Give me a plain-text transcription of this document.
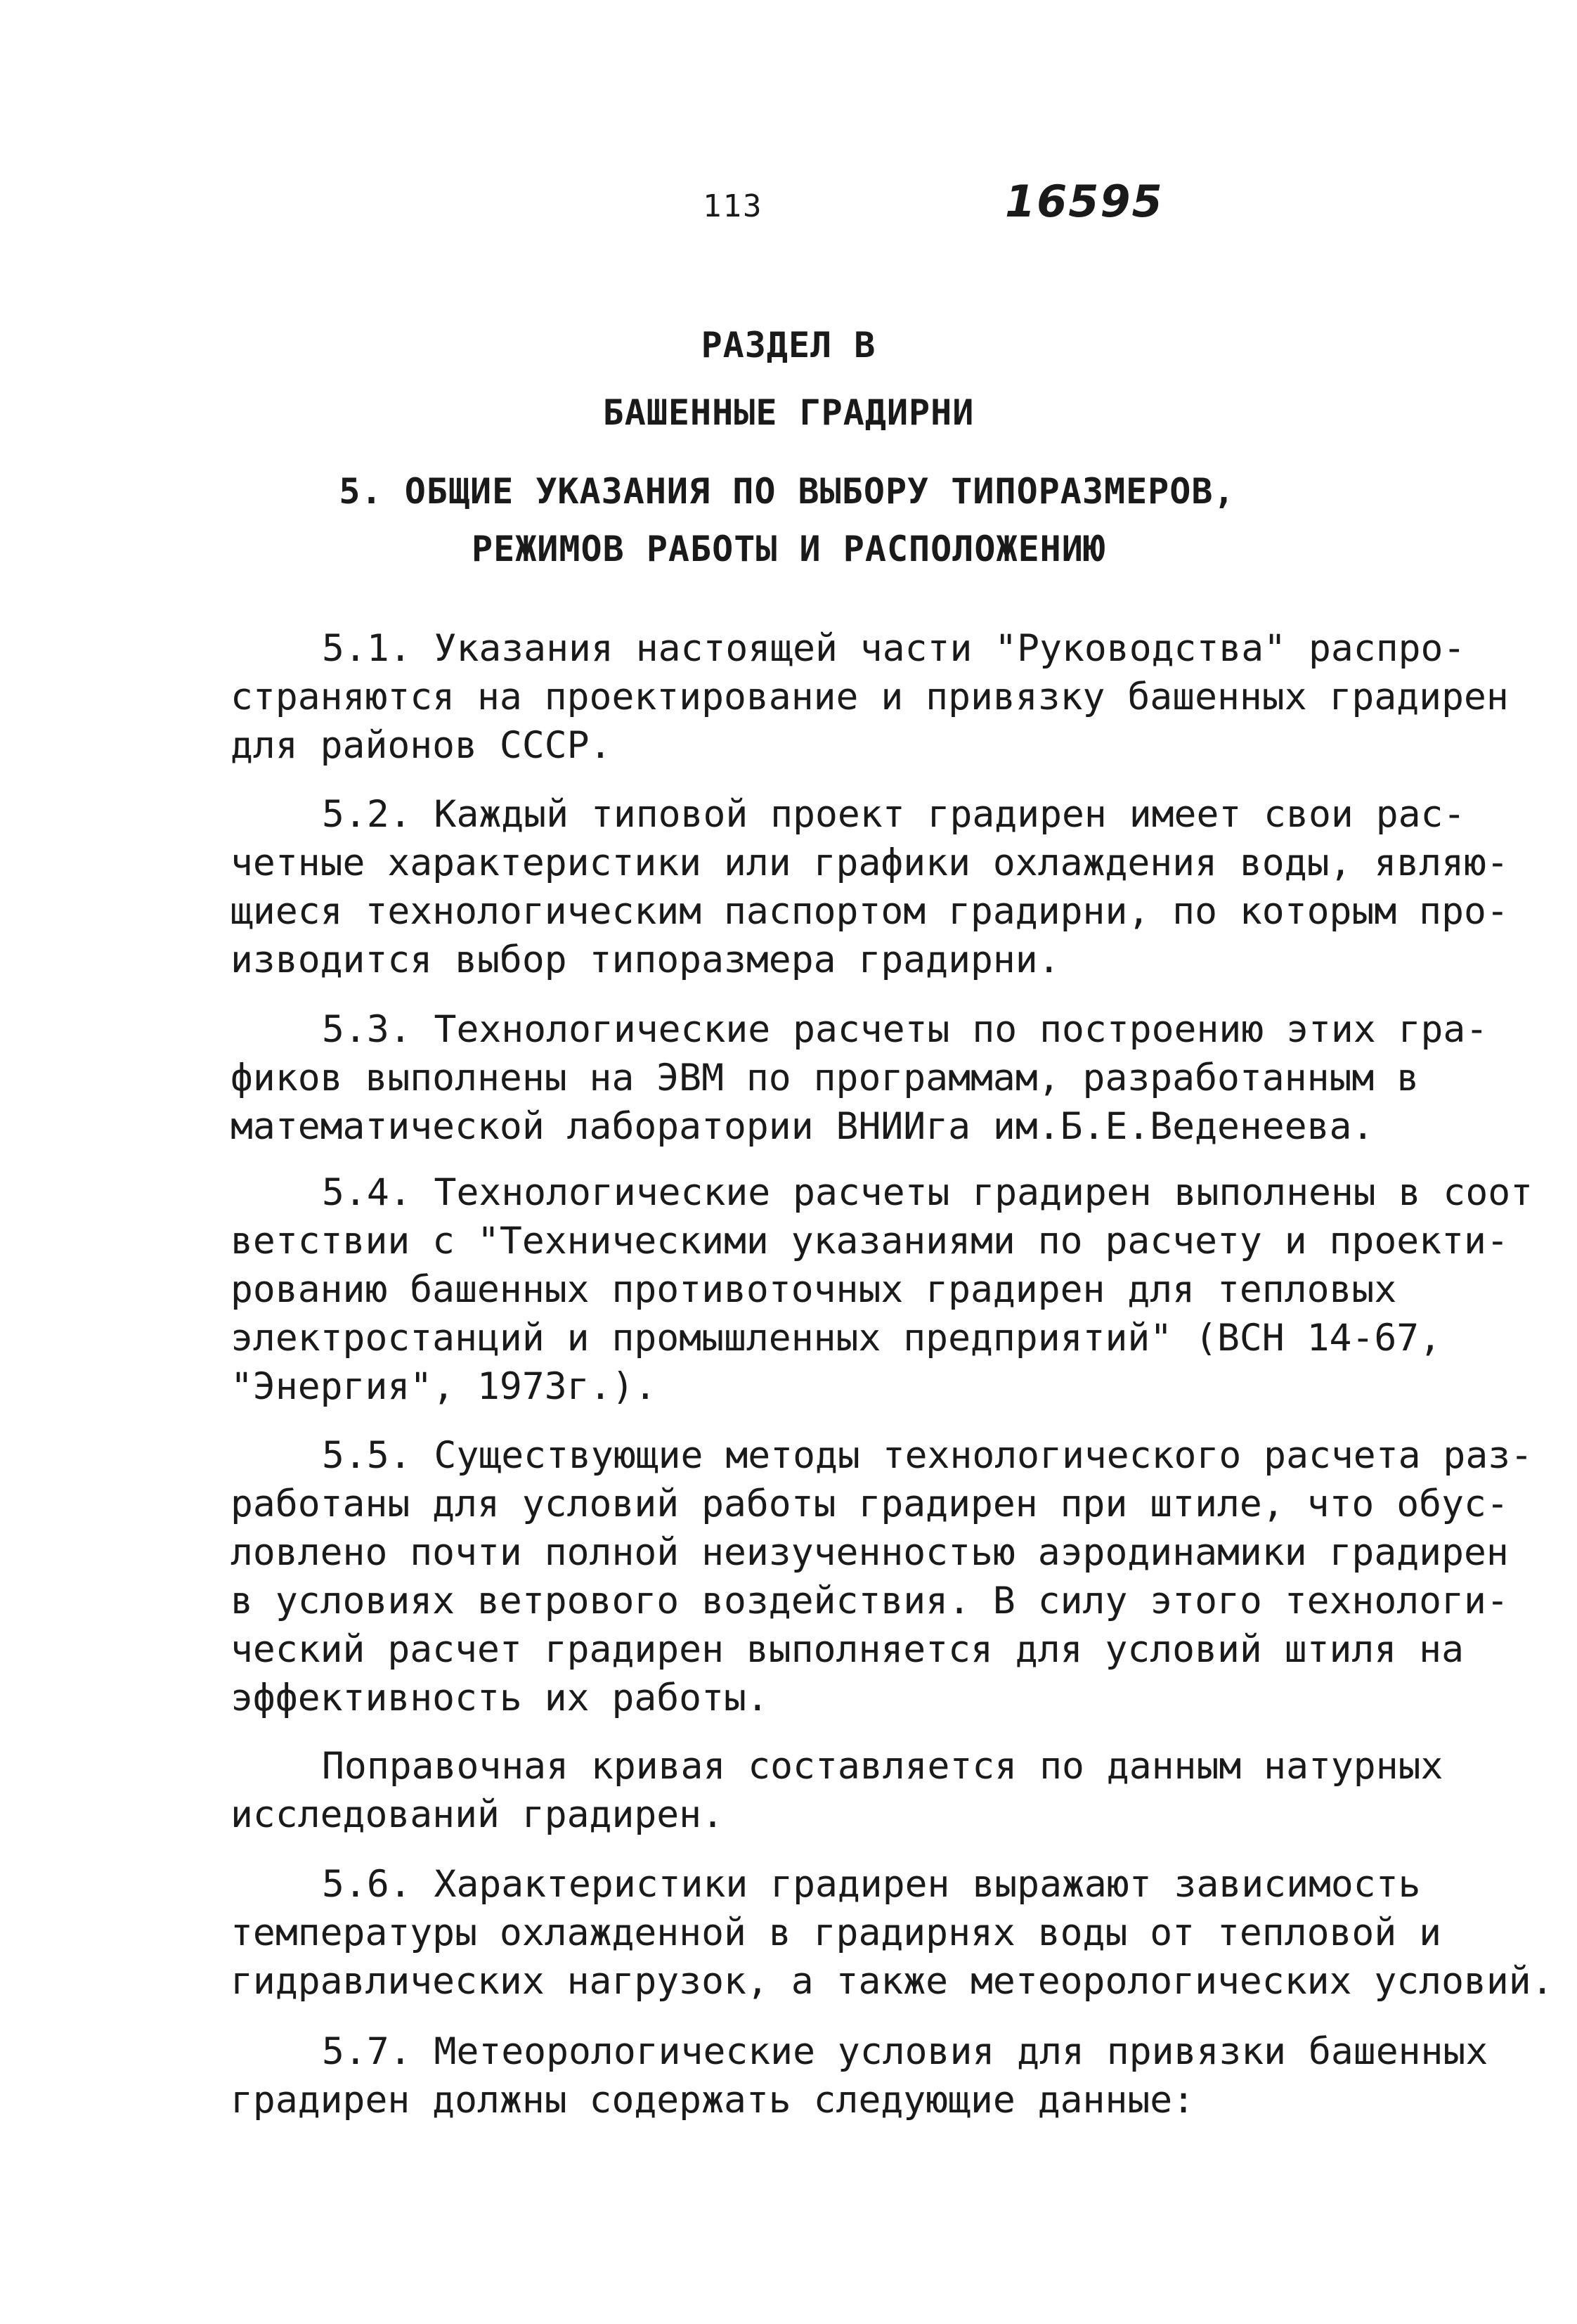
113	16595
РАЗДЕЛ В
БАШЕННЫЕ ГРАДИРНИ
5. ОБЩИЕ УКАЗАНИЯ ПО ВЫБОРУ ТИПОРАЗМЕРОВ,
РЕЖИМОВ РАБОТЫ И РАСПОЛОЖЕНИЮ
5.1. Указания настоящей части "Руководства" распро-
страняются на проектирование и привязку башенных градирен
для районов СССР.
5.2. Каждый типовой проект градирен имеет свои рас-
четные характеристики или графики охлаждения воды, являю-
щиеся технологическим паспортом градирни, по которым про-
изводится выбор типоразмера градирни.
5.3. Технологические расчеты по построению этих гра-
фиков выполнены на ЭВМ по программам, разработанным в
математической лаборатории ВНИИга им.Б.Е.Веденеева.
5.4. Технологические расчеты градирен выполнены в соот
ветствии с "Техническими указаниями по расчету и проекти-
рованию башенных противоточных градирен для тепловых
электростанций и промышленных предприятий" (ВСН 14-67,
"Энергия", 1973г.).
5.5. Существующие методы технологического расчета раз-
работаны для условий работы градирен при штиле, что обус-
ловлено почти полной неизученностью аэродинамики градирен
в условиях ветрового воздействия. В силу этого технологи-
ческий расчет градирен выполняется для условий штиля на
эффективность их работы.
Поправочная кривая составляется по данным натурных
исследований градирен.
5.6. Характеристики градирен выражают зависимость
температуры охлажденной в градирнях воды от тепловой и
гидравлических нагрузок, а также метеорологических условий.
5.7. Метеорологические условия для привязки башенных
градирен должны содержать следующие данные:
